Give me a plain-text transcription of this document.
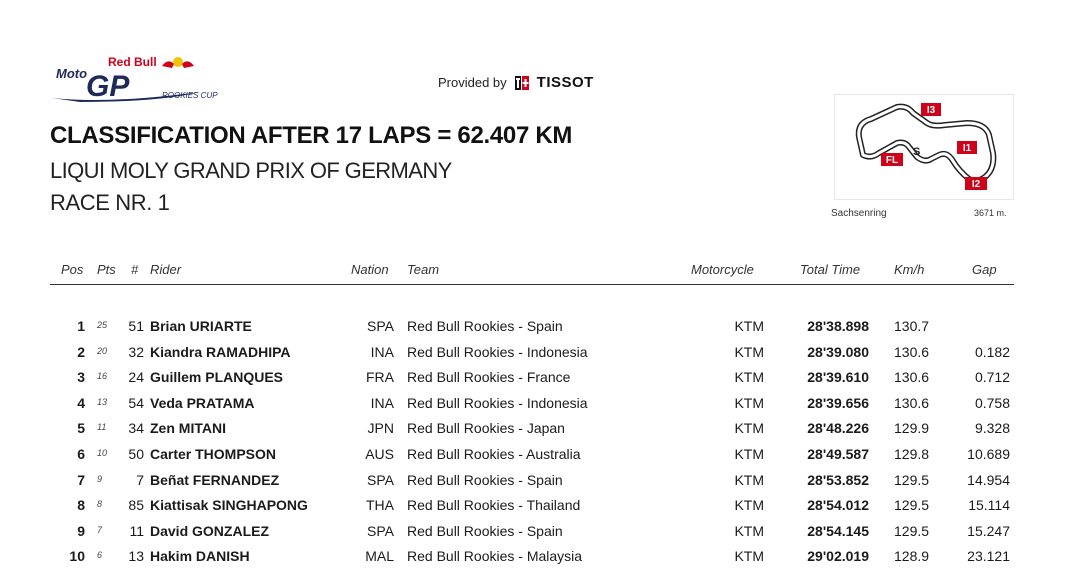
Red Bull
Moto
GP	ROOKIES CUP
Provided by TISSOT
CLASSIFICATION AFTER 17 LAPS = 62.407 KM
LIQUI MOLY GRAND PRIX OF GERMANY
RACE NR. 1
I3
I1
I2
FL
S
Sachsenring	3671 m.
Pos Pts # Rider	Nation Team	Motorcycle	Total Time	Km/h	Gap
1 25	51 Brian URIARTE	SPA Red Bull Rookies - Spain	KTM	28'38.898 130.7
2 20	32 Kiandra RAMADHIPA	INA Red Bull Rookies - Indonesia	KTM	28'39.080 130.6	0.182
3 16	24 Guillem PLANQUES	FRA Red Bull Rookies - France	KTM	28'39.610 130.6	0.712
4 13	54 Veda PRATAMA	INA Red Bull Rookies - Indonesia	KTM	28'39.656 130.6	0.758
5 11	34 Zen MITANI	JPN Red Bull Rookies - Japan	KTM	28'48.226 129.9	9.328
6 10	50 Carter THOMPSON	AUS Red Bull Rookies - Australia	KTM	28'49.587 129.8	10.689
7 9	7 Beñat FERNANDEZ	SPA Red Bull Rookies - Spain	KTM	28'53.852 129.5	14.954
8 8	85 Kiattisak SINGHAPONG	THA Red Bull Rookies - Thailand	KTM	28'54.012 129.5	15.114
9 7	11 David GONZALEZ	SPA Red Bull Rookies - Spain	KTM	28'54.145 129.5	15.247
10 6	13 Hakim DANISH	MAL Red Bull Rookies - Malaysia	KTM	29'02.019 128.9	23.121
